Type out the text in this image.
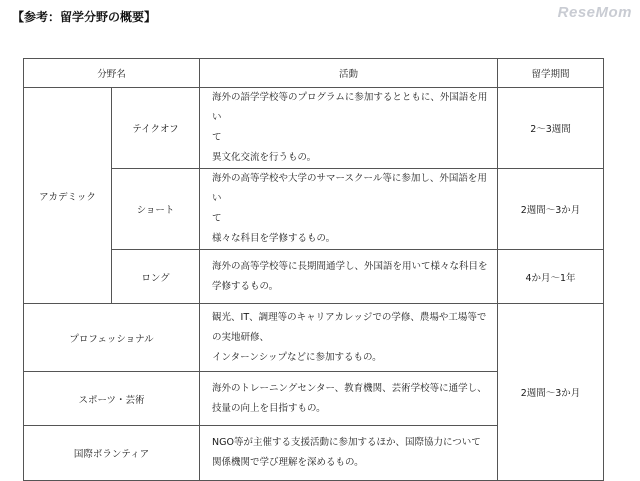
【参考：留学分野の概要】	ReseMom
分野名		活動	留学期間
アカデミック	テイクオフ	海外の語学学校等のプログラムに参加するとともに、外国語を用い
て
異文化交流を行うもの。	2～3週間
	ショート	海外の高等学校や大学のサマースクール等に参加し、外国語を用い
て
様々な科目を学修するもの。	2週間～3か月
	ロング	海外の高等学校等に長期間通学し、外国語を用いて様々な科目を
学修するもの。	4か月～1年
プロフェッショナル		観光、IT、調理等のキャリアカレッジでの学修、農場や工場等で
の実地研修、
インターンシップなどに参加するもの。	2週間～3か月
スポーツ・芸術		海外のトレーニングセンター、教育機関、芸術学校等に通学し、
技量の向上を目指すもの。	

国際ボランティア		NGO等が主催する支援活動に参加するほか、国際協力について
関係機関で学び理解を深めるもの。	
